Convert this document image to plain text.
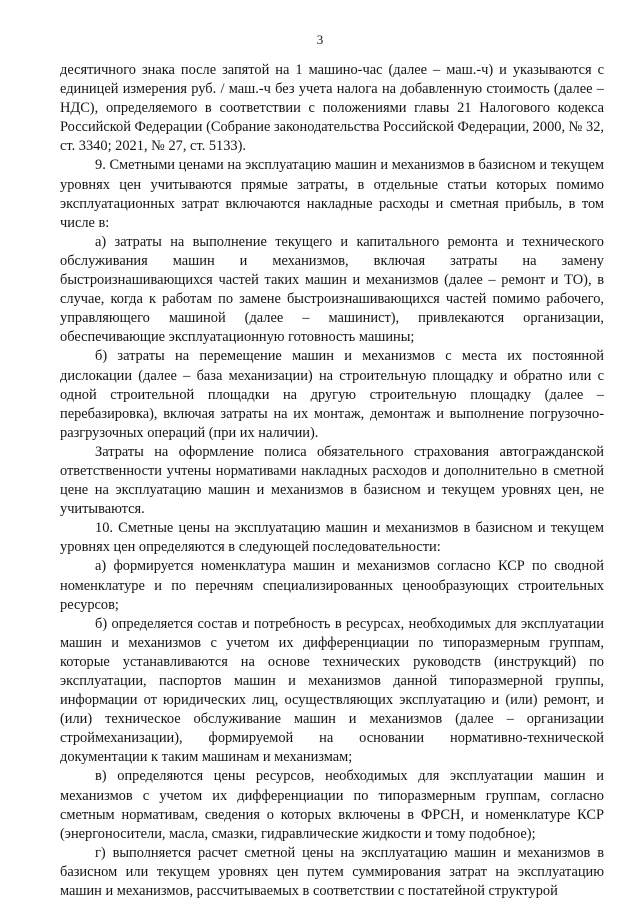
3

десятичного знака после запятой на 1 машино-час (далее – маш.-ч) и указываются с единицей измерения руб. / маш.-ч без учета налога на добавленную стоимость (далее – НДС), определяемого в соответствии с положениями главы 21 Налогового кодекса Российской Федерации (Собрание законодательства Российской Федерации, 2000, № 32, ст. 3340; 2021, № 27, ст. 5133).

9. Сметными ценами на эксплуатацию машин и механизмов в базисном и текущем уровнях цен учитываются прямые затраты, в отдельные статьи которых помимо эксплуатационных затрат включаются накладные расходы и сметная прибыль, в том числе в:

а) затраты на выполнение текущего и капитального ремонта и технического обслуживания машин и механизмов, включая затраты на замену быстроизнашивающихся частей таких машин и механизмов (далее – ремонт и ТО), в случае, когда к работам по замене быстроизнашивающихся частей помимо рабочего, управляющего машиной (далее – машинист), привлекаются организации, обеспечивающие эксплуатационную готовность машины;

б) затраты на перемещение машин и механизмов с места их постоянной дислокации (далее – база механизации) на строительную площадку и обратно или с одной строительной площадки на другую строительную площадку (далее – перебазировка), включая затраты на их монтаж, демонтаж и выполнение погрузочно-разгрузочных операций (при их наличии).

Затраты на оформление полиса обязательного страхования автогражданской ответственности учтены нормативами накладных расходов и дополнительно в сметной цене на эксплуатацию машин и механизмов в базисном и текущем уровнях цен, не учитываются.

10. Сметные цены на эксплуатацию машин и механизмов в базисном и текущем уровнях цен определяются в следующей последовательности:

а) формируется номенклатура машин и механизмов согласно КСР по сводной номенклатуре и по перечням специализированных ценообразующих строительных ресурсов;

б) определяется состав и потребность в ресурсах, необходимых для эксплуатации машин и механизмов с учетом их дифференциации по типоразмерным группам, которые устанавливаются на основе технических руководств (инструкций) по эксплуатации, паспортов машин и механизмов данной типоразмерной группы, информации от юридических лиц, осуществляющих эксплуатацию и (или) ремонт, и (или) техническое обслуживание машин и механизмов (далее – организации строймеханизации), формируемой на основании нормативно-технической документации к таким машинам и механизмам;

в) определяются цены ресурсов, необходимых для эксплуатации машин и механизмов с учетом их дифференциации по типоразмерным группам, согласно сметным нормативам, сведения о которых включены в ФРСН, и номенклатуре КСР (энергоносители, масла, смазки, гидравлические жидкости и тому подобное);

г) выполняется расчет сметной цены на эксплуатацию машин и механизмов в базисном или текущем уровнях цен путем суммирования затрат на эксплуатацию машин и механизмов, рассчитываемых в соответствии с постатейной структурой
